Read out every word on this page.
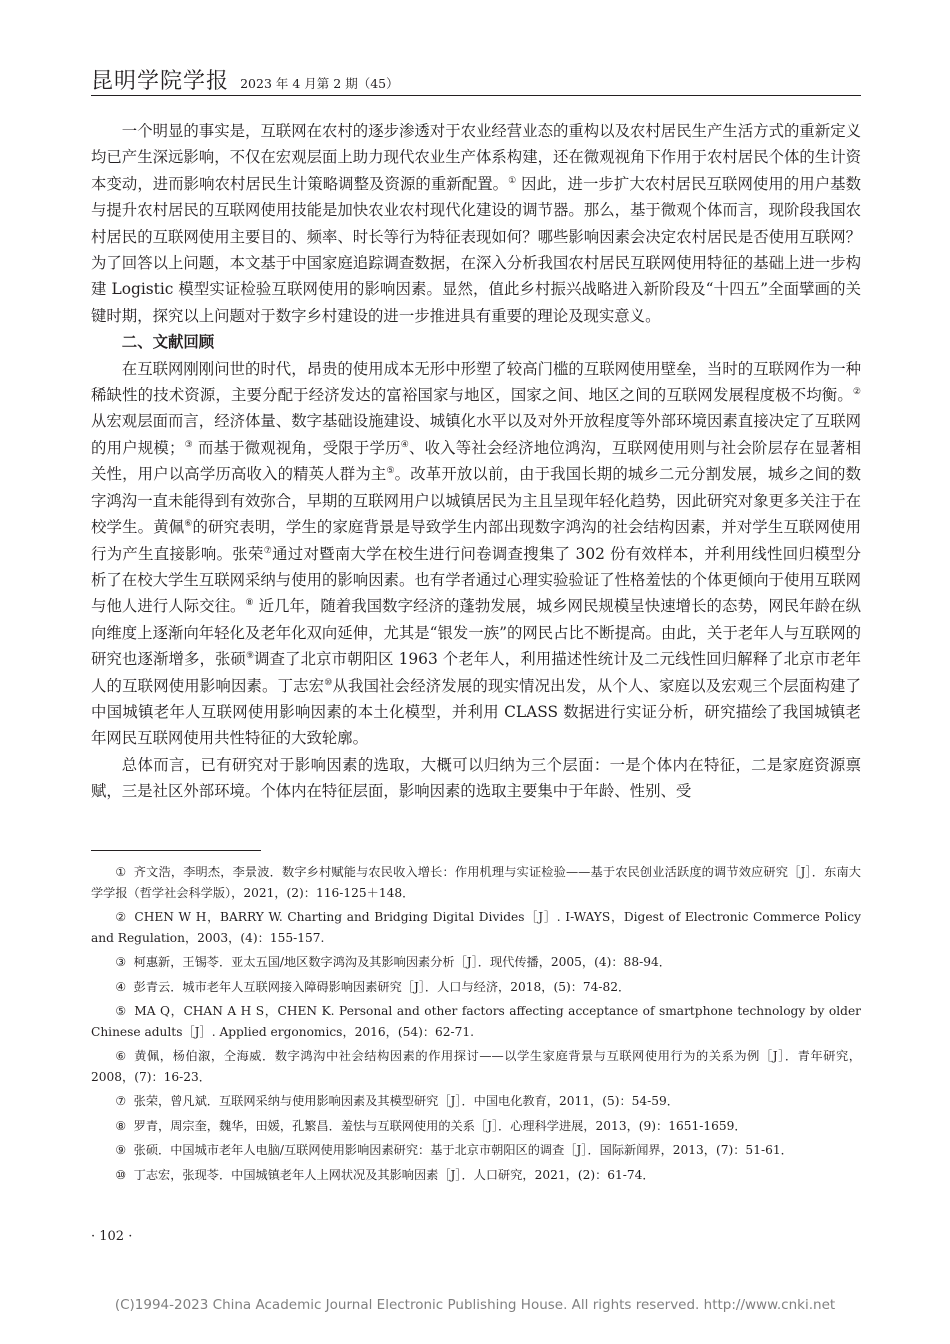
昆明学院学报 2023 年 4 月第 2 期（45）

一个明显的事实是，互联网在农村的逐步渗透对于农业经营业态的重构以及农村居民生产生活方式的重新定义均已产生深远影响，不仅在宏观层面上助力现代农业生产体系构建，还在微观视角下作用于农村居民个体的生计资本变动，进而影响农村居民生计策略调整及资源的重新配置。① 因此，进一步扩大农村居民互联网使用的用户基数与提升农村居民的互联网使用技能是加快农业农村现代化建设的调节器。那么，基于微观个体而言，现阶段我国农村居民的互联网使用主要目的、频率、时长等行为特征表现如何？哪些影响因素会决定农村居民是否使用互联网？为了回答以上问题，本文基于中国家庭追踪调查数据，在深入分析我国农村居民互联网使用特征的基础上进一步构建 Logistic 模型实证检验互联网使用的影响因素。显然，值此乡村振兴战略进入新阶段及“十四五”全面擘画的关键时期，探究以上问题对于数字乡村建设的进一步推进具有重要的理论及现实意义。

二、文献回顾

在互联网刚刚问世的时代，昂贵的使用成本无形中形塑了较高门槛的互联网使用壁垒，当时的互联网作为一种稀缺性的技术资源，主要分配于经济发达的富裕国家与地区，国家之间、地区之间的互联网发展程度极不均衡。② 从宏观层面而言，经济体量、数字基础设施建设、城镇化水平以及对外开放程度等外部环境因素直接决定了互联网的用户规模；③ 而基于微观视角，受限于学历④、收入等社会经济地位鸿沟，互联网使用则与社会阶层存在显著相关性，用户以高学历高收入的精英人群为主⑤。改革开放以前，由于我国长期的城乡二元分割发展，城乡之间的数字鸿沟一直未能得到有效弥合，早期的互联网用户以城镇居民为主且呈现年轻化趋势，因此研究对象更多关注于在校学生。黄佩⑥的研究表明，学生的家庭背景是导致学生内部出现数字鸿沟的社会结构因素，并对学生互联网使用行为产生直接影响。张荣⑦通过对暨南大学在校生进行问卷调查搜集了 302 份有效样本，并利用线性回归模型分析了在校大学生互联网采纳与使用的影响因素。也有学者通过心理实验验证了性格羞怯的个体更倾向于使用互联网与他人进行人际交往。⑧ 近几年，随着我国数字经济的蓬勃发展，城乡网民规模呈快速增长的态势，网民年龄在纵向维度上逐渐向年轻化及老年化双向延伸，尤其是“银发一族”的网民占比不断提高。由此，关于老年人与互联网的研究也逐渐增多，张硕⑨调查了北京市朝阳区 1963 个老年人，利用描述性统计及二元线性回归解释了北京市老年人的互联网使用影响因素。丁志宏⑩从我国社会经济发展的现实情况出发，从个人、家庭以及宏观三个层面构建了中国城镇老年人互联网使用影响因素的本土化模型，并利用 CLASS 数据进行实证分析，研究描绘了我国城镇老年网民互联网使用共性特征的大致轮廓。

总体而言，已有研究对于影响因素的选取，大概可以归纳为三个层面：一是个体内在特征，二是家庭资源禀赋，三是社区外部环境。个体内在特征层面，影响因素的选取主要集中于年龄、性别、受

① 齐文浩，李明杰，李景波．数字乡村赋能与农民收入增长：作用机理与实证检验——基于农民创业活跃度的调节效应研究［J］．东南大学学报（哲学社会科学版），2021，(2)：116-125＋148．

② CHEN W H，BARRY W. Charting and Bridging Digital Divides［J］. I-WAYS，Digest of Electronic Commerce Policy and Regulation，2003，(4)：155-157.

③ 柯惠新，王锡苓．亚太五国/地区数字鸿沟及其影响因素分析［J］．现代传播，2005，(4)：88-94．

④ 彭青云．城市老年人互联网接入障碍影响因素研究［J］．人口与经济，2018，(5)：74-82．

⑤ MA Q，CHAN A H S，CHEN K. Personal and other factors affecting acceptance of smartphone technology by older Chinese adults［J］. Applied ergonomics，2016，(54)：62-71.

⑥ 黄佩，杨伯溆，仝海威．数字鸿沟中社会结构因素的作用探讨——以学生家庭背景与互联网使用行为的关系为例［J］．青年研究，2008，(7)：16-23．

⑦ 张荣，曾凡斌．互联网采纳与使用影响因素及其模型研究［J］．中国电化教育，2011，(5)：54-59．

⑧ 罗青，周宗奎，魏华，田媛，孔繁昌．羞怯与互联网使用的关系［J］．心理科学进展，2013，(9)：1651-1659．

⑨ 张硕．中国城市老年人电脑/互联网使用影响因素研究：基于北京市朝阳区的调查［J］．国际新闻界，2013，(7)：51-61．

⑩ 丁志宏，张现苓．中国城镇老年人上网状况及其影响因素［J］．人口研究，2021，(2)：61-74．

· 102 ·
(C)1994-2023 China Academic Journal Electronic Publishing House. All rights reserved. http://www.cnki.net
